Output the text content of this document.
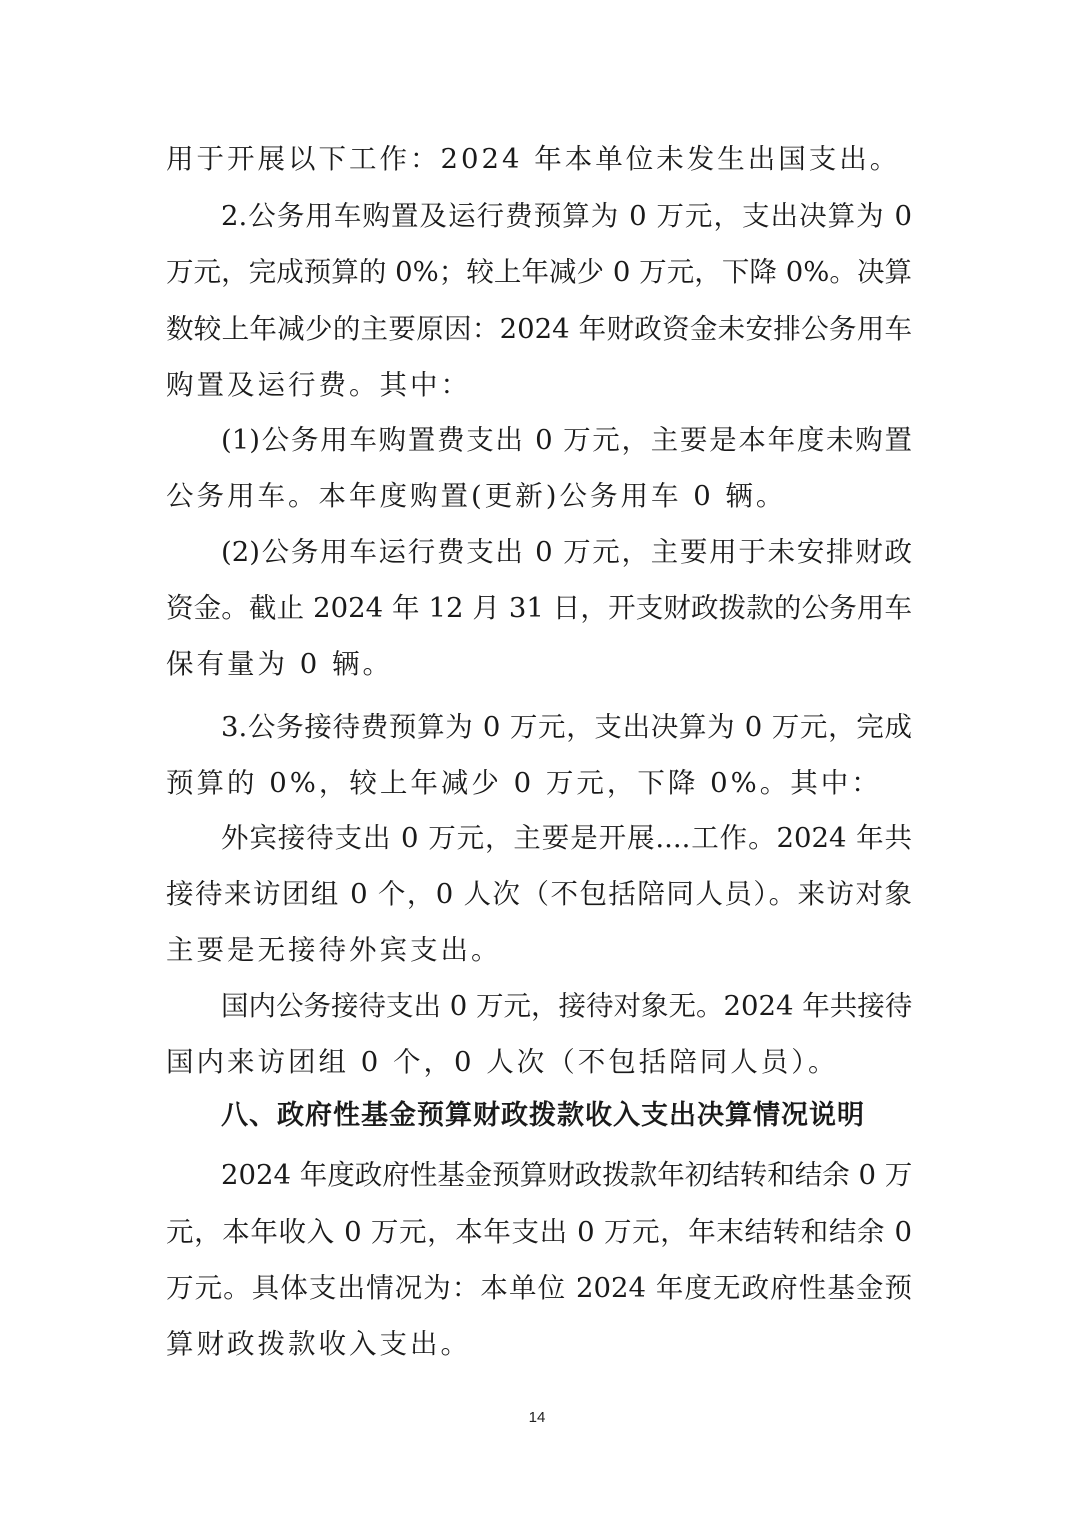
用于开展以下工作：2024 年本单位未发生出国支出。
2.公务用车购置及运行费预算为 0 万元，支出决算为 0
万元，完成预算的 0%；较上年减少 0 万元，下降 0%。决算
数较上年减少的主要原因：2024 年财政资金未安排公务用车
购置及运行费。其中：
(1)公务用车购置费支出 0 万元，主要是本年度未购置
公务用车。本年度购置(更新)公务用车 0 辆。
(2)公务用车运行费支出 0 万元，主要用于未安排财政
资金。截止 2024 年 12 月 31 日，开支财政拨款的公务用车
保有量为 0 辆。
3.公务接待费预算为 0 万元，支出决算为 0 万元，完成
预算的 0%，较上年减少 0 万元，下降 0%。其中：
外宾接待支出 0 万元，主要是开展....工作。2024 年共
接待来访团组 0 个，0 人次（不包括陪同人员）。来访对象
主要是无接待外宾支出。
国内公务接待支出 0 万元，接待对象无。2024 年共接待
国内来访团组 0 个，0 人次（不包括陪同人员）。
八、政府性基金预算财政拨款收入支出决算情况说明
2024 年度政府性基金预算财政拨款年初结转和结余 0 万
元，本年收入 0 万元，本年支出 0 万元，年末结转和结余 0
万元。具体支出情况为：本单位 2024 年度无政府性基金预
算财政拨款收入支出。
14
